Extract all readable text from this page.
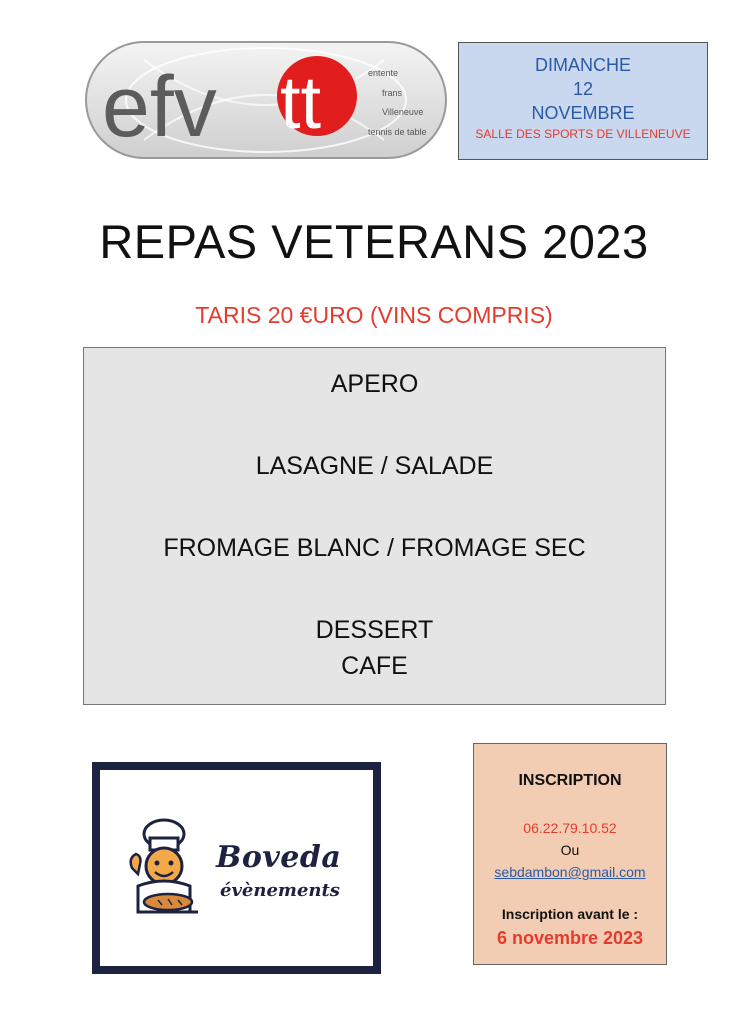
efv tt	entente
frans
Villeneuve
tennis de table
DIMANCHE
12
NOVEMBRE
SALLE DES SPORTS DE VILLENEUVE
REPAS VETERANS 2023
TARIS 20 €URO (VINS COMPRIS)
APERO
LASAGNE / SALADE
FROMAGE BLANC / FROMAGE SEC
DESSERT
CAFE
Boveda
évènements
INSCRIPTION
06.22.79.10.52
Ou
sebdambon@gmail.com
Inscription avant le :
6 novembre 2023
